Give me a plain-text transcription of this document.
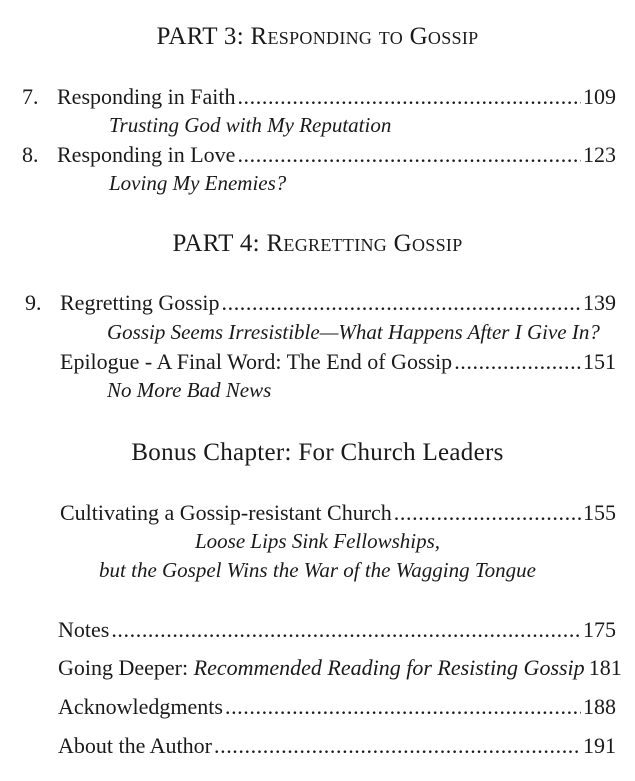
PART 3: Responding to Gossip
7. Responding in Faith .....	109
Trusting God with My Reputation
8. Responding in Love .....	123
Loving My Enemies?
PART 4: Regretting Gossip
9. Regretting Gossip .....	139
Gossip Seems Irresistible—What Happens After I Give In?
Epilogue - A Final Word: The End of Gossip .....	151
No More Bad News
Bonus Chapter: For Church Leaders
Cultivating a Gossip-resistant Church .....	155
Loose Lips Sink Fellowships,
but the Gospel Wins the War of the Wagging Tongue
Notes .....	175
Going Deeper: Recommended Reading for Resisting Gossip 181
Acknowledgments .....	188
About the Author .....	191
